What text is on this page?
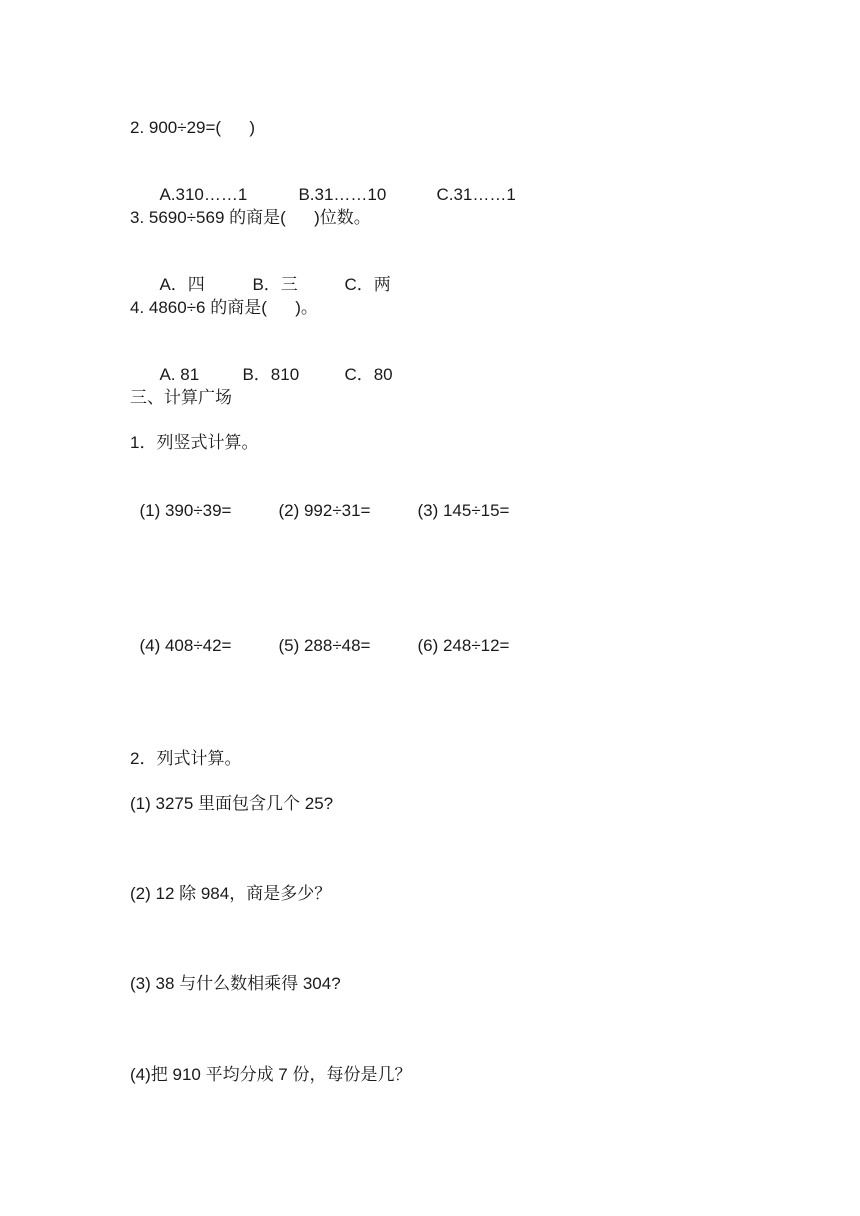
2. 900÷29=(      )

A.310……1	B.31……10	C.31……1

3. 5690÷569 的商是(      )位数。

A．四	B．三	C．两

4. 4860÷6 的商是(      )。

A. 81	B．810	C．80

三、计算广场
1．列竖式计算。

(1) 390÷39=	(2) 992÷31=	(3) 145÷15=

(4) 408÷42=	(5) 288÷48=	(6) 248÷12=

2．列式计算。
(1) 3275 里面包含几个 25?
(2) 12 除 984，商是多少？
(3) 38 与什么数相乘得 304?
(4)把 910 平均分成 7 份，每份是几？
